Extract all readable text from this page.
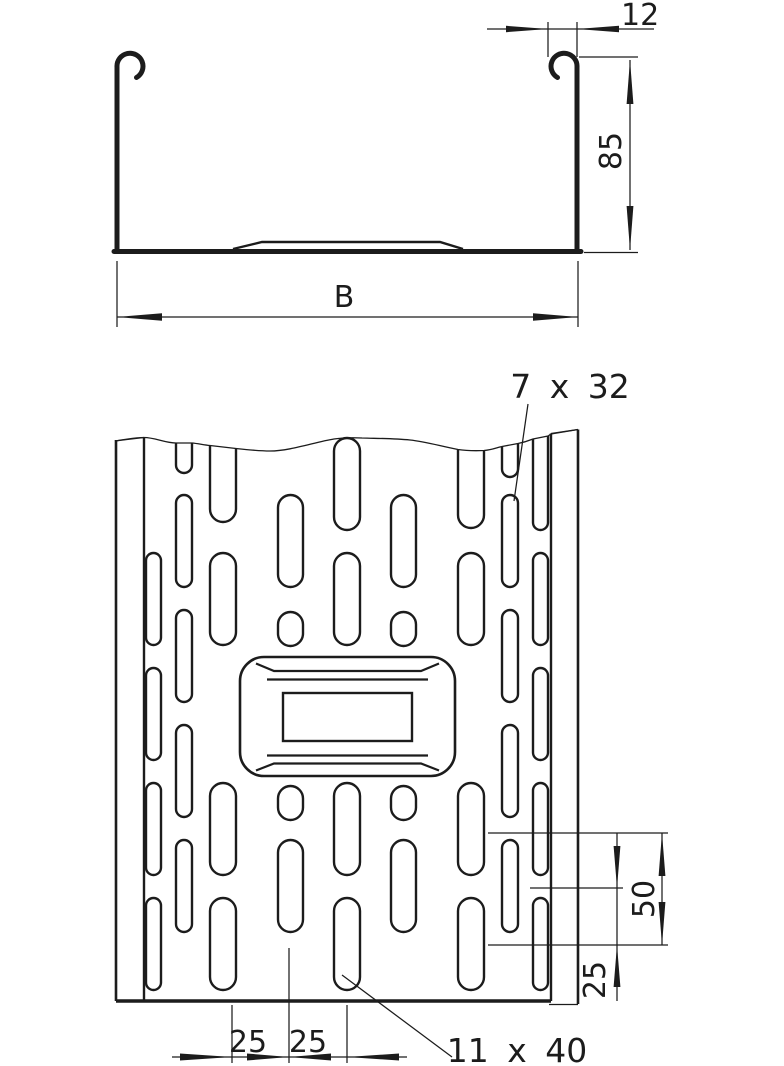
12
85
B
50
25
25 25
7 x 32
11 x 40
